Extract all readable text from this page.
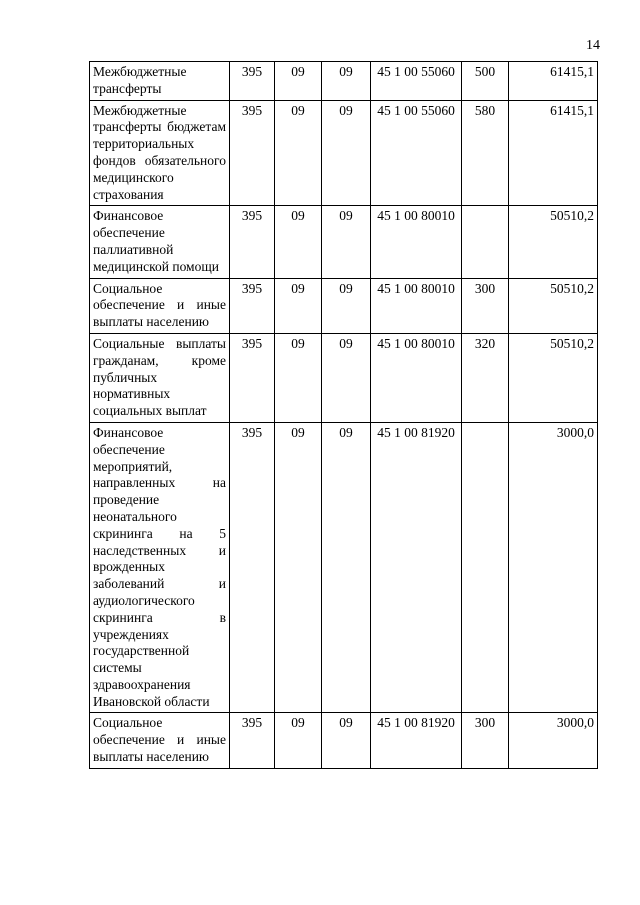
14
Межбюджетные трансферты	395	09	09	45 1 00 55060	500	61415,1
Межбюджетные трансферты бюджетам территориальных фондов обязательного медицинского страхования	395	09	09	45 1 00 55060	580	61415,1
Финансовое обеспечение паллиативной медицинской помощи	395	09	09	45 1 00 80010		50510,2
Социальное обеспечение и иные выплаты населению	395	09	09	45 1 00 80010	300	50510,2
Социальные выплаты гражданам, кроме публичных нормативных социальных выплат	395	09	09	45 1 00 80010	320	50510,2
Финансовое обеспечение мероприятий, направленных на проведение неонатального скрининга на 5 наследственных и врожденных заболеваний и аудиологического скрининга в учреждениях государственной системы здравоохранения Ивановской области	395	09	09	45 1 00 81920		3000,0
Социальное обеспечение и иные выплаты населению	395	09	09	45 1 00 81920	300	3000,0
